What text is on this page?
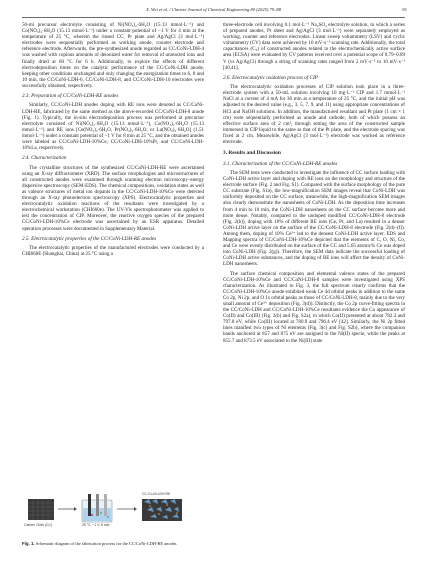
X. Wei et al. / Chinese Journal of Chemical Engineering 80 (2025) 79–88	81

50-ml precursor electrolyte consisting of Ni(NO₃)₂·6H₂O (15.13 mmol·L⁻¹) and Co(NO₃)₂·6H₂O (15.13 mmol·L⁻¹) under a constant potential of −1 V for 4 min at the temperature of 25 °C, wherein the rinsed CC, Pt plate and Ag/AgCl (3 mol·L⁻¹) electrodes were sequentially performed as working anode, counter electrode and reference electrode. Afterwards, the pre-synthesized anode regarded as CC/CoNi-LDH-4 was washed with copious amounts of deionized water for removal of unreacted ions and finally dried at 60 °C for 6 h. Additionally, to explore the effects of different electrodeposition times on the catalytic performance of the CC/CoNi-LDH anode, keeping other conditions unchanged and only changing the energization times to 6, 8 and 10 min, the CC/CoNi-LDH-6, CC/CoNi-LDH-8, and CC/CoNi-LDH-10 electrodes were successfully obtained, respectively.

2.3. Preparation of CC/CoNi-LDH-RE anodes

Similarly, CC/CoNi-LDH anodes doping with RE ions were denoted as CC/CoNi-LDH-RE, fabricated by the same method as the above-recorded CC/CoNi-LDH-8 anode (Fig. 1). Typically, the in-situ electrodeposition process was performed at precursor electrolyte consisted of Ni(NO₃)₂·6H₂O (15.13 mmol·L⁻¹), Co(NO₃)₂·6H₂O (15.13 mmol·L⁻¹) and RE ions [Ce(NO₃)₃·6H₂O, Pr(NO₃)₃·6H₂O, or La(NO₃)₃·6H₂O] (1.51 mmol·L⁻¹) under a constant potential of −1 V for 8 min at 25 °C, and the obtained anodes were labeled as CC/CoNi-LDH-10%Ce, CC/CoNi-LDH-10%Pr, and CC/CoNi-LDH-10%La, respectively.

2.4. Characterization

The crystalline structures of the synthesized CC/CoNi-LDH-RE were ascertained using an X-ray diffractometer (XRD). The surface morphologies and microstructures of all constructed anodes were examined through scanning electron microscopy–energy dispersive spectroscopy (SEM-EDS). The chemical compositions, oxidation states as well as valence structures of metal ion dopants in the CC/CoNi-LDH-10%Ce were detected through an X-ray photoelectron spectroscopy (XPS). Electrocatalytic properties and electrocatalytic oxidation reactions of the resultants were investigated by a electrochemical workstation (CHI660e). The UV-Vis spectrophotometer was applied to test the concentration of CIP. Moreover, the reactive oxygen species of the prepared CC/CoNi-LDH-10%Ce electrode was ascertained by an ESR apparatus. Detailed operation processes were documented in Supplementary Material.

2.5. Electrocatalytic properties of the CC/CoNi-LDH-RE anodes

The electrocatalytic properties of the manufactured electrodes were conducted by a CHI660E (Shanghai, China) at 25 °C using a

Carbon Cloth (CC)	25 °C, −1 V, 8 min
CC-Co,Ni-LDH-RE
Fig. 1. Schematic diagram of the fabrication process for the CC/CoNi-LDH-RE anodes.

three-electrode cell involving 0.1 mol·L⁻¹ Na₂SO₄ electrolyte solution, in which a series of prepared anodes, Pt sheet and Ag/AgCl (3 mol·L⁻¹) were separately employed as working, counter and reference electrodes. Linear sweep voltammetry (LSV) and cyclic voltammetry (CV) data were achieved by 10 mV·s⁻¹ scanning rate. Additionally, the total capacitances (C₀) of constructed anodes related to the electrochemically active surface area (ECSA) were evaluated by CV patterns received over a potential scope of 0.79–0.89 V (vs Ag/AgCl) through a string of scanning rates ranged from 2 mV·s⁻¹ to 10 mV·s⁻¹ [40,41].

2.6. Electrocatalytic oxidation process of CIP

The electrocatalytic oxidation processes of CIP solution took place in a three-electrode system with a 50-mL solution involving 10 mg·L⁻¹ CIP and 1.7 mmol·L⁻¹ NaCl at a current of 4 mA for 30 min at a temperature of 25 °C, and the initial pH was adjusted to the desired value (e.g., 3, 5, 7, 9, and 11) using appropriate concentrations of HCl and NaOH solutions. In addition, the manufactured resultant and Pt plate (1 cm × 1 cm) were sequentially performed as anode and cathode, both of which possess an effective surface area of 2 cm², through setting the area of the constructed sample immersed in CIP liquid to the same as that of the Pt plate, and the electrode spacing was fixed at 2 cm. Meanwhile, Ag/AgCl (3 mol·L⁻¹) electrode was worked as reference electrode.

3. Results and Discussion
3.1. Characterization of the CC/CoNi-LDH-RE anodes

The SEM tests were conducted to investigate the influence of CC surface loading with CoNi-LDH active layer and doping with RE ions on the morphology and structure of the electrode surface (Fig. 2 and Fig. S1). Compared with the surface morphology of the pure CC substrate (Fig. S1a), the low-magnification SEM images reveal that CoNi-LDH was uniformly deposited on the CC surface, meanwhile, the high-magnification SEM images also clearly demonstrate the nanosheets of CoNi-LDH. As the deposition time increases from 4 min to 10 min, the CoNi-LDH nanosheets on the CC surface become more and more dense. Notably, compared to the undoped modified CC/CoNi-LDH-8 electrode (Fig. 2(b)), doping with 10% of different RE ions (Ce, Pr, and La) resulted in a denser CoNi-LDH active layer on the surface of the CC/CoNi-LDH-8 electrode (Fig. 2(d)–(f)). Among them, doping of 10% Ce³⁺ led to the densest CoNi-LDH active layer. EDS and Mapping spectra of CC/CoNi-LDH-10%Ce depicted that the elements of C, O, Ni, Co, and Ce were evenly distributed on the surface of the CC and 5.65 atomic% Ce was doped into CoNi-LDH (Fig. 2(g)). Therefore, the SEM data indicate the successful loading of CoNi-LDH active substances, and the doping of RE ions will affect the density of CoNi-LDH nanosheets.

The surface chemical composition and elemental valence states of the prepared CC/CoNi-LDH-10%Ce and CC/CoNi-LDH-8 samples were investigated using XPS characterization. As illustrated in Fig. 3, the full spectrum clearly confirms that the CC/CoNi-LDH-10%Ce anode exhibited weak Ce 4d orbital peaks in addition to the same Co 2p, Ni 2p, and O 1s orbital peaks as those of CC/CoNi-LDH-8, mainly due to the very small amount of Ce³⁺ deposition (Fig. 3(d)). Distinctly, the Co 2p curve-fitting spectra in the CC/CoNi-LDH and CC/CoNi-LDH-10%Ce resultants evidence the Co appearance of Co(II) and Co(III) (Fig. 3(b) and Fig. S2a), in which Co(II) presented at about 782.3 and 797.8 eV, while Co(III) located at 780.9 and 796.4 eV [42]. Similarly, the Ni 2p fitted lines manifest two types of Ni elements (Fig. 3(c) and Fig. S2b), where the companion bands anchored at 857 and 875 eV are assigned to the Ni(II) specie, while the peaks at 855.7 and 873.5 eV associated to the Ni(III) state
